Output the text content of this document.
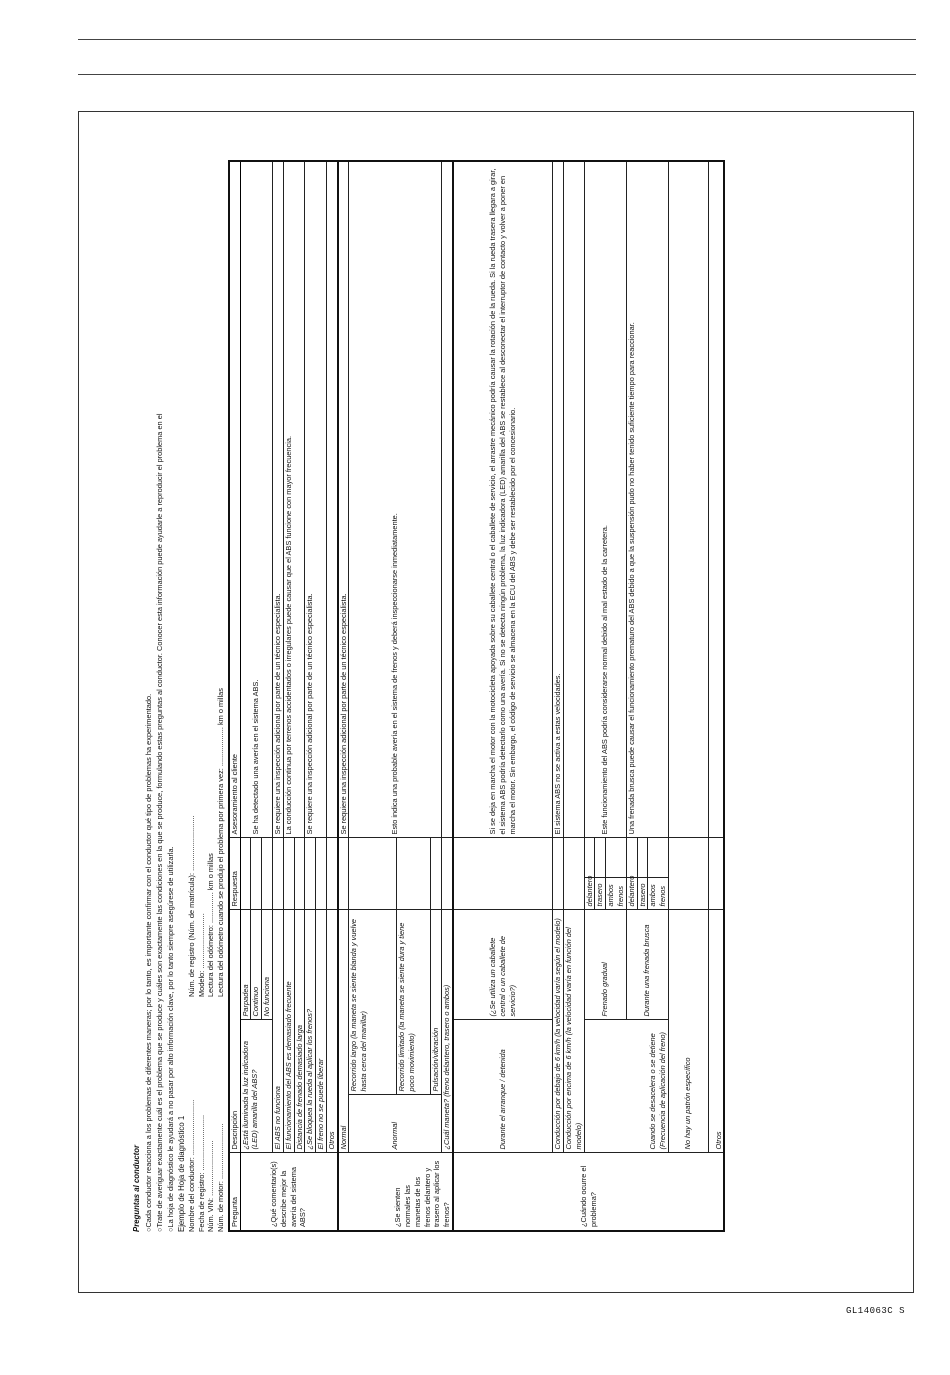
Preguntas al conductor ○Cada conductor reacciona a los problemas de diferentes maneras; por lo tanto, es importante confirmar con el conductor qué tipo de problemas ha experimentado. ○Trate de averiguar exactamente cuál es el problema que se produce y cuáles son exactamente las condiciones en la que se produce, formulando estas preguntas al conductor. Conocer esta información puede ayudarle a reproducir el problema en el ○La hoja de diagnóstico le ayudará a no pasar por alto información clave, por lo tanto siempre asegúrese de utilizarla. Ejemplo de Hoja de diagnóstico 1 Nombre del conductor: ........................... Fecha de registro: ........................... Núm. VIN: ........................... Núm. de motor: ...........................
Núm. de registro (Núm. de matrícula): ........................... Modelo: ........................... Lectura del odómetro: ............... km o millas Lectura del odómetro cuando se produjo el problema por primera vez: ................... km o millas
Pregunta	Descripción			Respuesta		Asesoramiento al cliente
¿Qué comentario(s) describe mejor la avería del sistema ABS?	¿Está iluminada la luz indicadora (LED) amarilla del ABS?		Parpadea			Se ha detectado una avería en el sistema ABS.
			Continuo			
			No funciona			
	El ABS no funciona					Se requiere una inspección adicional por parte de un técnico especialista.
	El funcionamiento del ABS es demasiado frecuente					La conducción continua por terrenos accidentados o irregulares puede causar que el ABS funcione con mayor frecuencia.
	Distancia de frenado demasiado larga					
	¿Se bloquea la rueda al aplicar los frenos?					Se requiere una inspección adicional por parte de un técnico especialista.
	El freno no se puede liberar					
	Otros					
¿Se sienten normales las manetas de los frenos delantero y trasero al aplicar los frenos?	Normal					Se requiere una inspección adicional por parte de un técnico especialista.
	Anormal	Recorrido largo (la maneta se siente blanda y vuelve hasta cerca del manillar)				Esto indica una probable avería en el sistema de frenos y deberá inspeccionarse inmediatamente.
		Recorrido limitado (la maneta se siente dura y tiene poco movimiento)				
		Pulsación/vibración				
	¿Cuál maneta? (freno delantero, trasero o ambos)					
¿Cuándo ocurre el problema?	Durante el arranque / detenida		(¿Se utiliza un caballete central o un caballete de servicio?)			Si se deja en marcha el motor con la motocicleta apoyada sobre su caballete central o el caballete de servicio, el arrastre mecánico podría causar la rotación de la rueda. Si la rueda trasera llegara a girar, el sistema ABS podría detectarlo como una avería. Si no se detecta ningún problema, la luz indicadora (LED) amarilla del ABS se restablece al desconectar el interruptor de contacto y volver a poner en marcha el motor. Sin embargo, el código de servicio se almacena en la ECU del ABS y debe ser restablecido por el concesionario.
	Conducción por debajo de 6 km/h (la velocidad varía según el modelo)					El sistema ABS no se activa a estas velocidades.
	Conducción por encima de 6 km/h (la velocidad varía en función del modelo)					
	Cuando se desacelera o se detiene (Frecuencia de aplicación del freno)		Frenado gradual	delantero		Este funcionamiento del ABS podría considerarse normal debido al mal estado de la carretera.
				trasero		
				ambos frenos		
			Durante una frenada brusca	delantero		Una frenada brusca puede causar el funcionamiento prematuro del ABS debido a que la suspensión pudo no haber tenido suficiente tiempo para reaccionar.
				trasero		
				ambos frenos		
	No hay un patrón específico					
	Otros					
GL14063C S
